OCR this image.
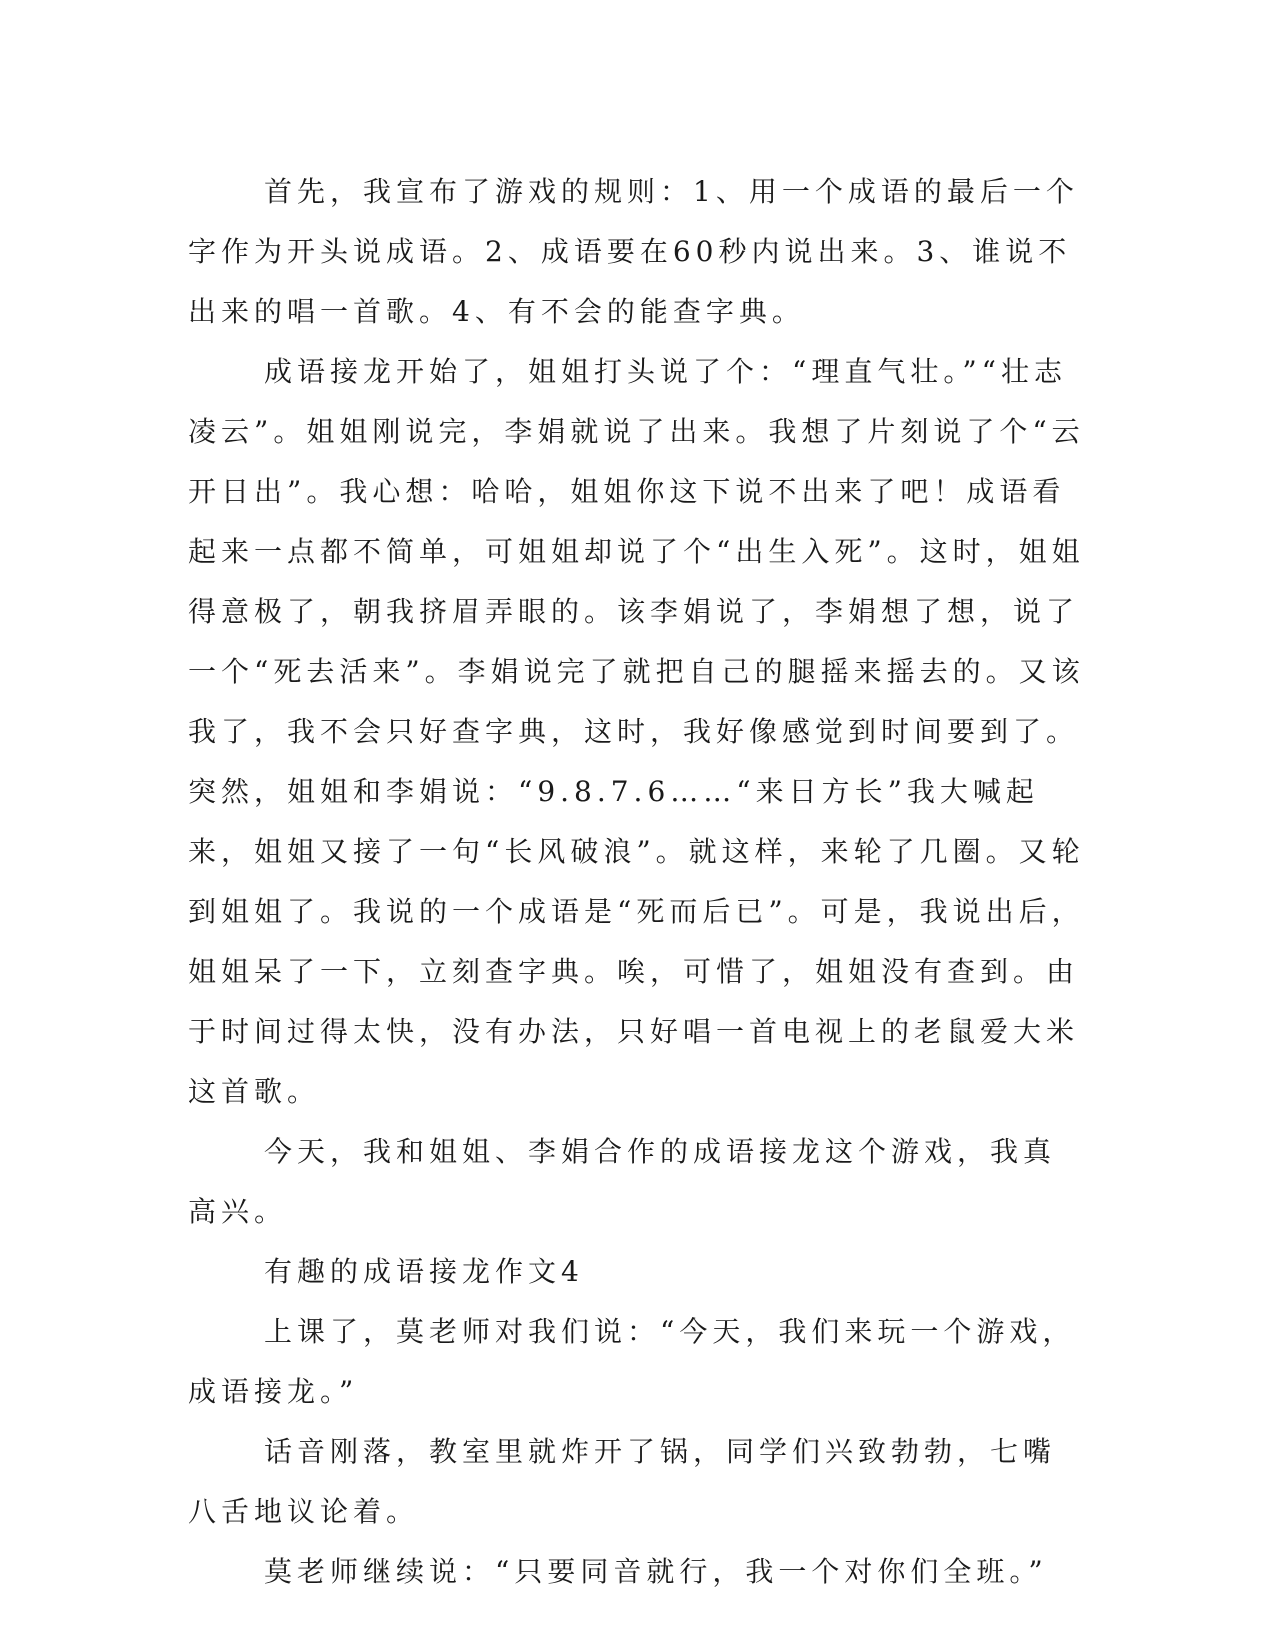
首先，我宣布了游戏的规则：1、用一个成语的最后一个字作为开头说成语。2、成语要在60秒内说出来。3、谁说不出来的唱一首歌。4、有不会的能查字典。

成语接龙开始了，姐姐打头说了个：“理直气壮。”“壮志凌云”。姐姐刚说完，李娟就说了出来。我想了片刻说了个“云开日出”。我心想：哈哈，姐姐你这下说不出来了吧！成语看起来一点都不简单，可姐姐却说了个“出生入死”。这时，姐姐得意极了，朝我挤眉弄眼的。该李娟说了，李娟想了想，说了一个“死去活来”。李娟说完了就把自己的腿摇来摇去的。又该我了，我不会只好查字典，这时，我好像感觉到时间要到了。突然，姐姐和李娟说：“9.8.7.6……“来日方长”我大喊起来，姐姐又接了一句“长风破浪”。就这样，来轮了几圈。又轮到姐姐了。我说的一个成语是“死而后已”。可是，我说出后，姐姐呆了一下，立刻查字典。唉，可惜了，姐姐没有查到。由于时间过得太快，没有办法，只好唱一首电视上的老鼠爱大米这首歌。

今天，我和姐姐、李娟合作的成语接龙这个游戏，我真高兴。

有趣的成语接龙作文4

上课了，莫老师对我们说：“今天，我们来玩一个游戏，成语接龙。”

话音刚落，教室里就炸开了锅，同学们兴致勃勃，七嘴八舌地议论着。

莫老师继续说：“只要同音就行，我一个对你们全班。”
